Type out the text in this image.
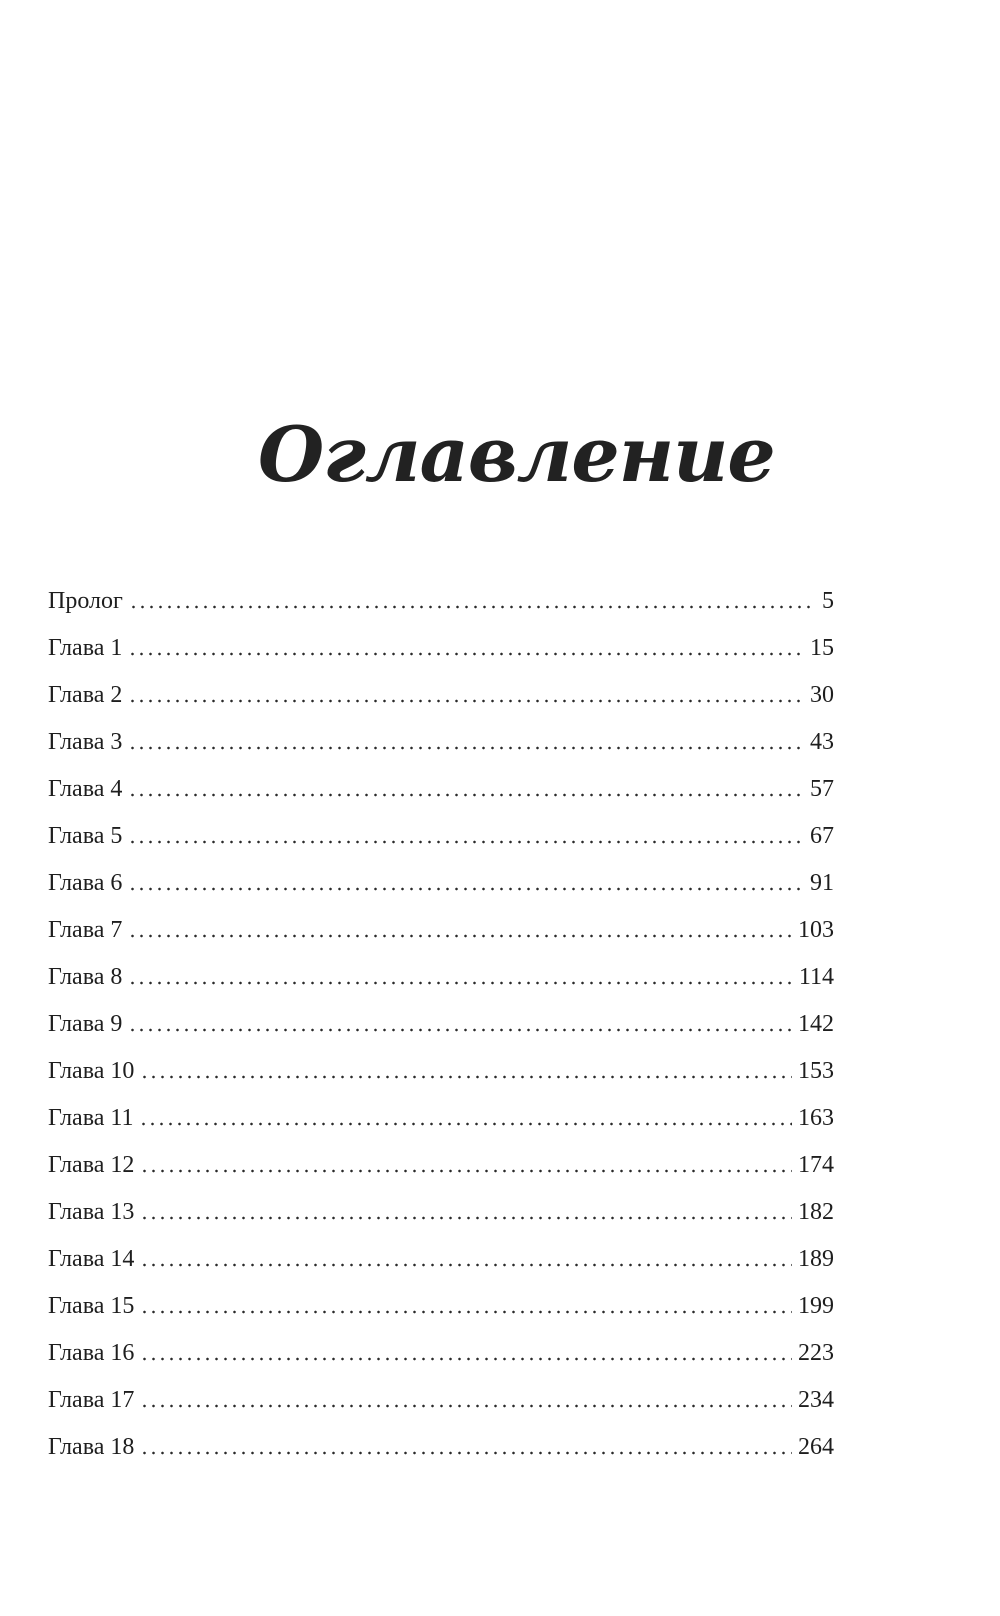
Оглавление
Пролог	5
Глава 1	15
Глава 2	30
Глава 3	43
Глава 4	57
Глава 5	67
Глава 6	91
Глава 7	103
Глава 8	114
Глава 9	142
Глава 10	153
Глава 11	163
Глава 12	174
Глава 13	182
Глава 14	189
Глава 15	199
Глава 16	223
Глава 17	234
Глава 18	264
